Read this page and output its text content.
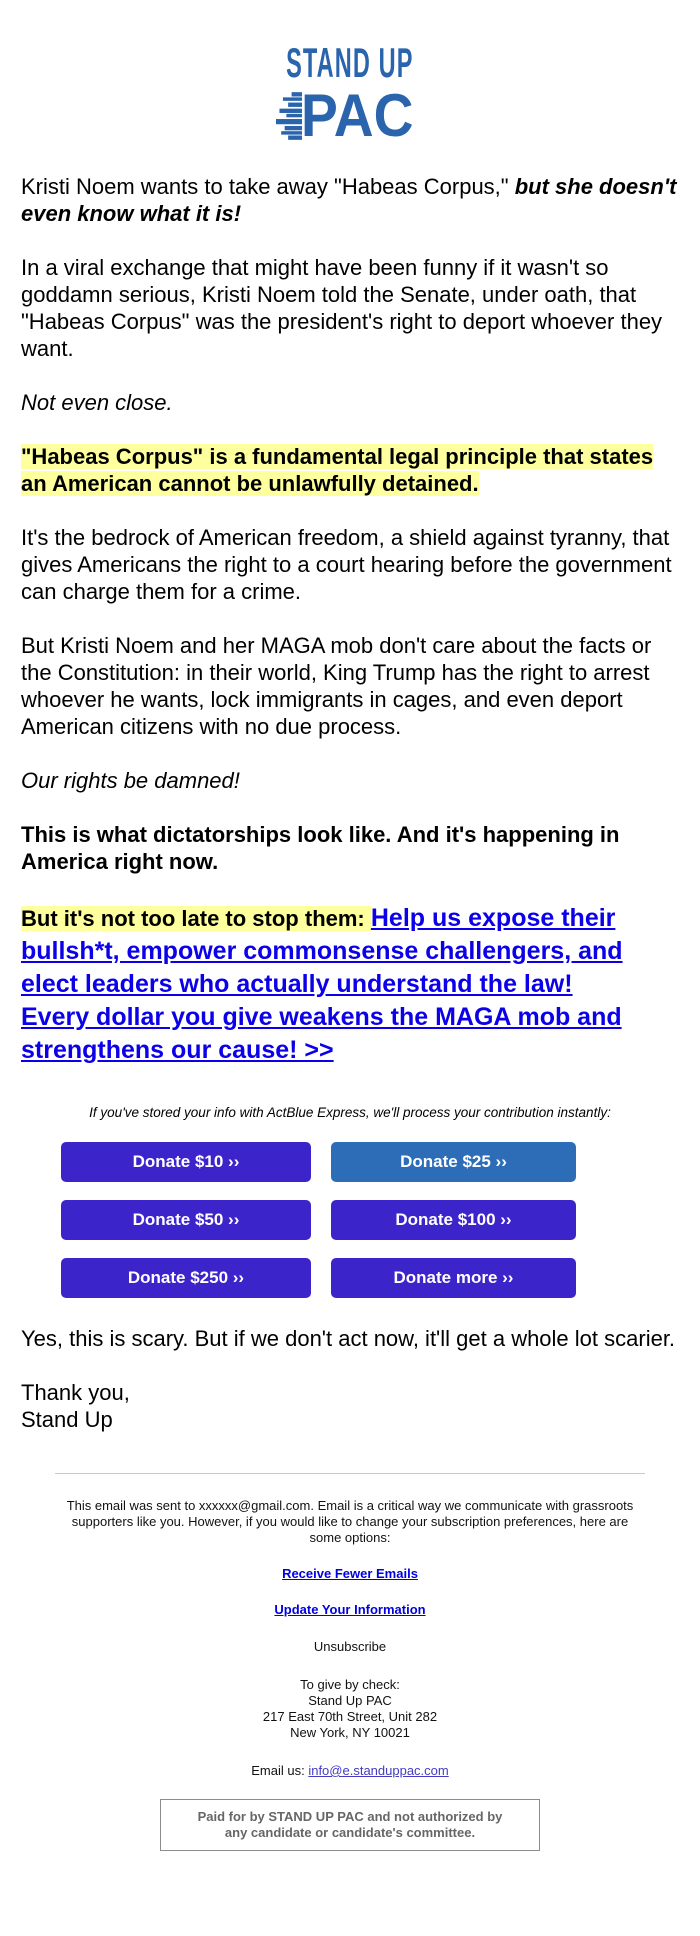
STAND UP
PAC

Kristi Noem wants to take away "Habeas Corpus," but she doesn't even know what it is!

In a viral exchange that might have been funny if it wasn't so goddamn serious, Kristi Noem told the Senate, under oath, that "Habeas Corpus" was the president's right to deport whoever they want.

Not even close.

"Habeas Corpus" is a fundamental legal principle that states an American cannot be unlawfully detained.

It's the bedrock of American freedom, a shield against tyranny, that gives Americans the right to a court hearing before the government can charge them for a crime.

But Kristi Noem and her MAGA mob don't care about the facts or the Constitution: in their world, King Trump has the right to arrest whoever he wants, lock immigrants in cages, and even deport American citizens with no due process.

Our rights be damned!

This is what dictatorships look like. And it's happening in America right now.

But it's not too late to stop them: Help us expose their
bullsh*t, empower commonsense challengers, and
elect leaders who actually understand the law!
Every dollar you give weakens the MAGA mob and
strengthens our cause! >>

If you've stored your info with ActBlue Express, we'll process your contribution instantly:
Donate $10 ››	Donate $25 ››
Donate $50 ››	Donate $100 ››
Donate $250 ››	Donate more ››

Yes, this is scary. But if we don't act now, it'll get a whole lot scarier.

Thank you,
Stand Up

This email was sent to xxxxxx@gmail.com. Email is a critical way we communicate with grassroots supporters like you. However, if you would like to change your subscription preferences, here are some options:
Receive Fewer Emails
Update Your Information
Unsubscribe
To give by check:
Stand Up PAC
217 East 70th Street, Unit 282
New York, NY 10021
Email us: info@e.standuppac.com
Paid for by STAND UP PAC and not authorized by
any candidate or candidate's committee.
